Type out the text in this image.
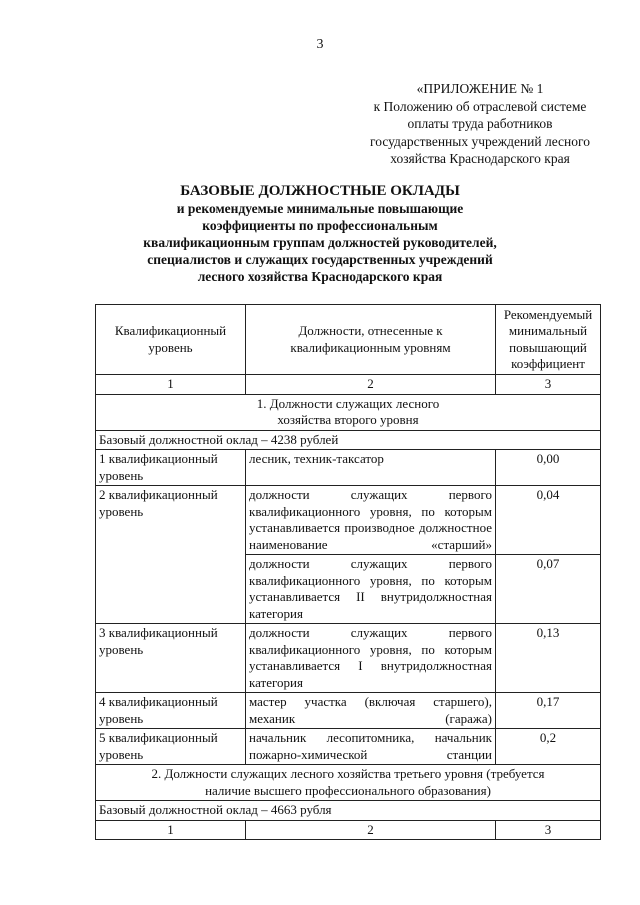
3
«ПРИЛОЖЕНИЕ № 1
к Положению об отраслевой системе
оплаты труда работников
государственных учреждений лесного
хозяйства Краснодарского края
БАЗОВЫЕ ДОЛЖНОСТНЫЕ ОКЛАДЫ
и рекомендуемые минимальные повышающие
коэффициенты по профессиональным
квалификационным группам должностей руководителей,
специалистов и служащих государственных учреждений
лесного хозяйства Краснодарского края
Квалификационный уровень	Должности, отнесенные к квалификационным уровням	Рекомендуемый минимальный повышающий коэффициент
1	2	3
1. Должности служащих лесного хозяйства второго уровня		
Базовый должностной оклад – 4238 рублей		
1 квалификационный уровень	лесник, техник-таксатор	0,00
2 квалификационный уровень	должности служащих первого квалификационного уровня, по которым устанавливается производное должностное наименование «старший»	0,04
	должности служащих первого квалификационного уровня, по которым устанавливается II внутридолжностная категория	0,07
3 квалификационный уровень	должности служащих первого квалификационного уровня, по которым устанавливается I внутридолжностная категория	0,13
4 квалификационный уровень	мастер участка (включая старшего), механик (гаража)	0,17
5 квалификационный уровень	начальник лесопитомника, начальник пожарно-химической станции	0,2
2. Должности служащих лесного хозяйства третьего уровня (требуется наличие высшего профессионального образования)		
Базовый должностной оклад – 4663 рубля		
1	2	3
